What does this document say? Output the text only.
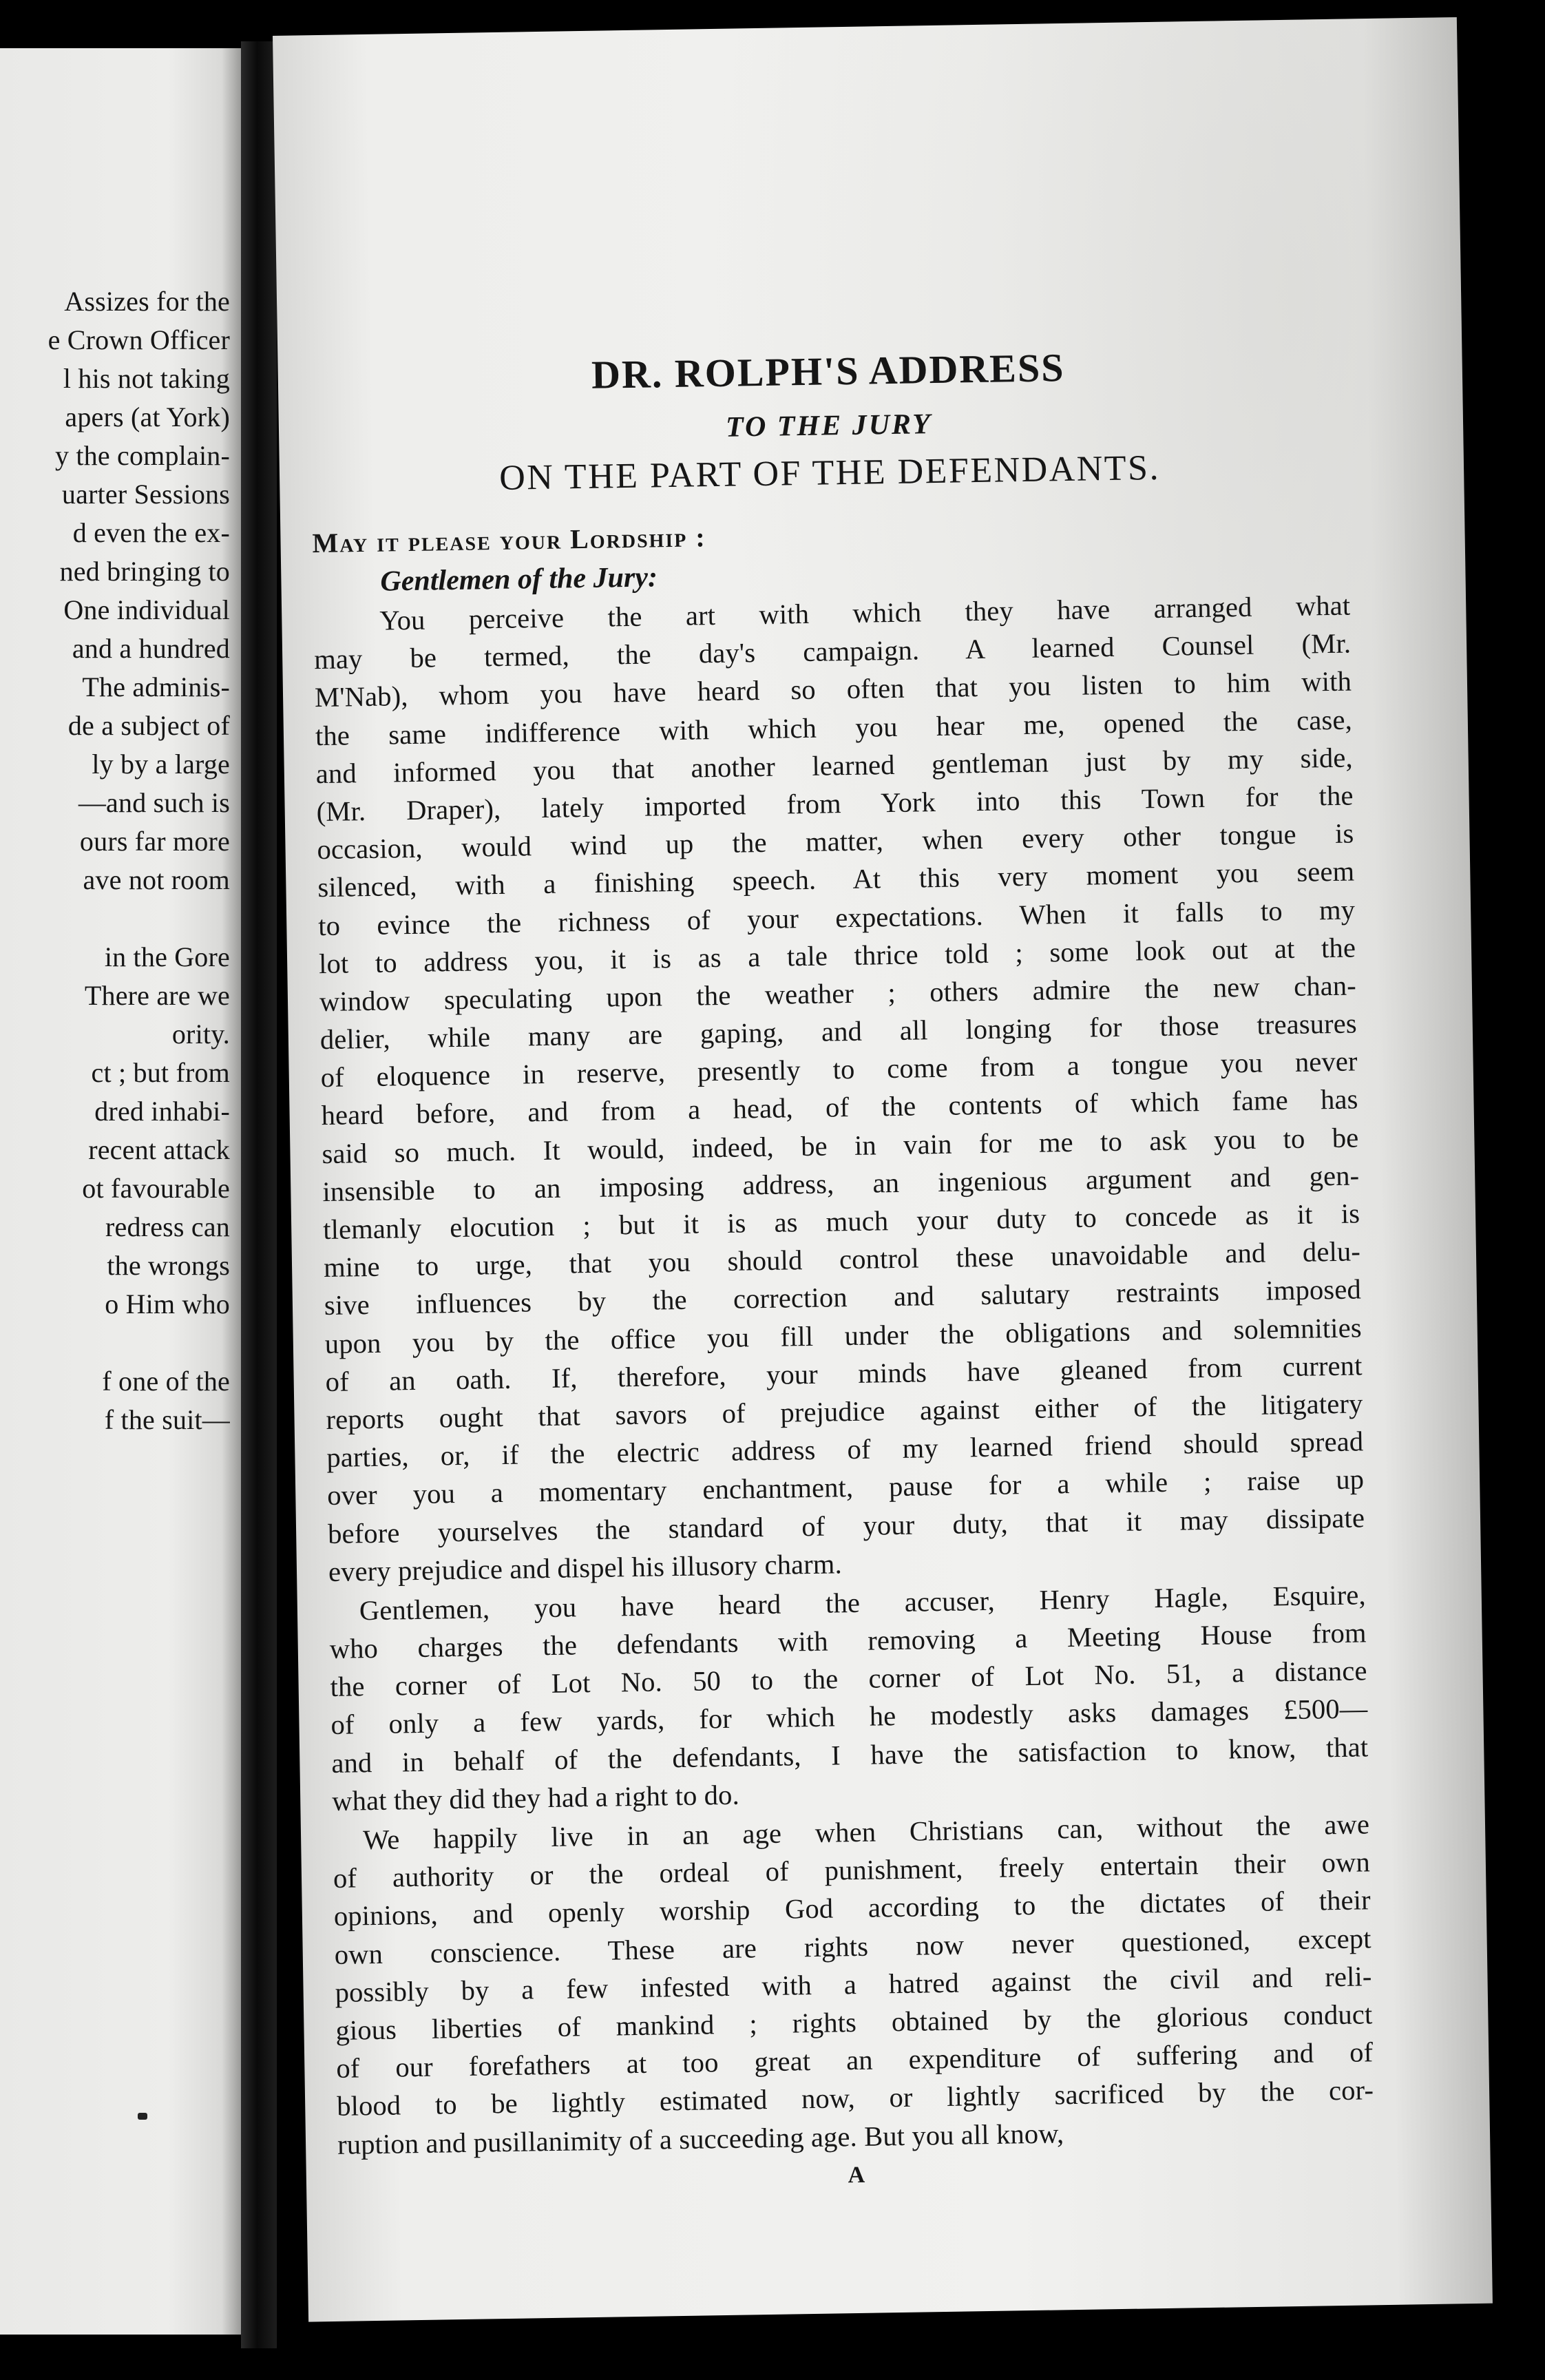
Assizes for the
e Crown Officer
l his not taking
apers (at York)
y the complain-
uarter Sessions
d even the ex-
ned bringing to
One individual
and a hundred
The adminis-
de a subject of
ly by a large
—and such is
ours far more
ave not room
in the Gore
There are we
ority.
ct ; but from
dred inhabi-
recent attack
ot favourable
redress can
the wrongs
o Him who
f one of the
f the suit—
DR. ROLPH'S ADDRESS
TO THE JURY
ON THE PART OF THE DEFENDANTS.
May it please your Lordship :
Gentlemen of the Jury:
You perceive the art with which they have arranged what
may be termed, the day's campaign. A learned Counsel (Mr.
M'Nab), whom you have heard so often that you listen to him with
the same indifference with which you hear me, opened the case,
and informed you that another learned gentleman just by my side,
(Mr. Draper), lately imported from York into this Town for the
occasion, would wind up the matter, when every other tongue is
silenced, with a finishing speech. At this very moment you seem
to evince the richness of your expectations. When it falls to my
lot to address you, it is as a tale thrice told ; some look out at the
window speculating upon the weather ; others admire the new chan-
delier, while many are gaping, and all longing for those treasures
of eloquence in reserve, presently to come from a tongue you never
heard before, and from a head, of the contents of which fame has
said so much. It would, indeed, be in vain for me to ask you to be
insensible to an imposing address, an ingenious argument and gen-
tlemanly elocution ; but it is as much your duty to concede as it is
mine to urge, that you should control these unavoidable and delu-
sive influences by the correction and salutary restraints imposed
upon you by the office you fill under the obligations and solemnities
of an oath. If, therefore, your minds have gleaned from current
reports ought that savors of prejudice against either of the litigatery
parties, or, if the electric address of my learned friend should spread
over you a momentary enchantment, pause for a while ; raise up
before yourselves the standard of your duty, that it may dissipate
every prejudice and dispel his illusory charm.
Gentlemen, you have heard the accuser, Henry Hagle, Esquire,
who charges the defendants with removing a Meeting House from
the corner of Lot No. 50 to the corner of Lot No. 51, a distance
of only a few yards, for which he modestly asks damages £500—
and in behalf of the defendants, I have the satisfaction to know, that
what they did they had a right to do.
We happily live in an age when Christians can, without the awe
of authority or the ordeal of punishment, freely entertain their own
opinions, and openly worship God according to the dictates of their
own conscience. These are rights now never questioned, except
possibly by a few infested with a hatred against the civil and reli-
gious liberties of mankind ; rights obtained by the glorious conduct
of our forefathers at too great an expenditure of suffering and of
blood to be lightly estimated now, or lightly sacrificed by the cor-
ruption and pusillanimity of a succeeding age. But you all know,
A
